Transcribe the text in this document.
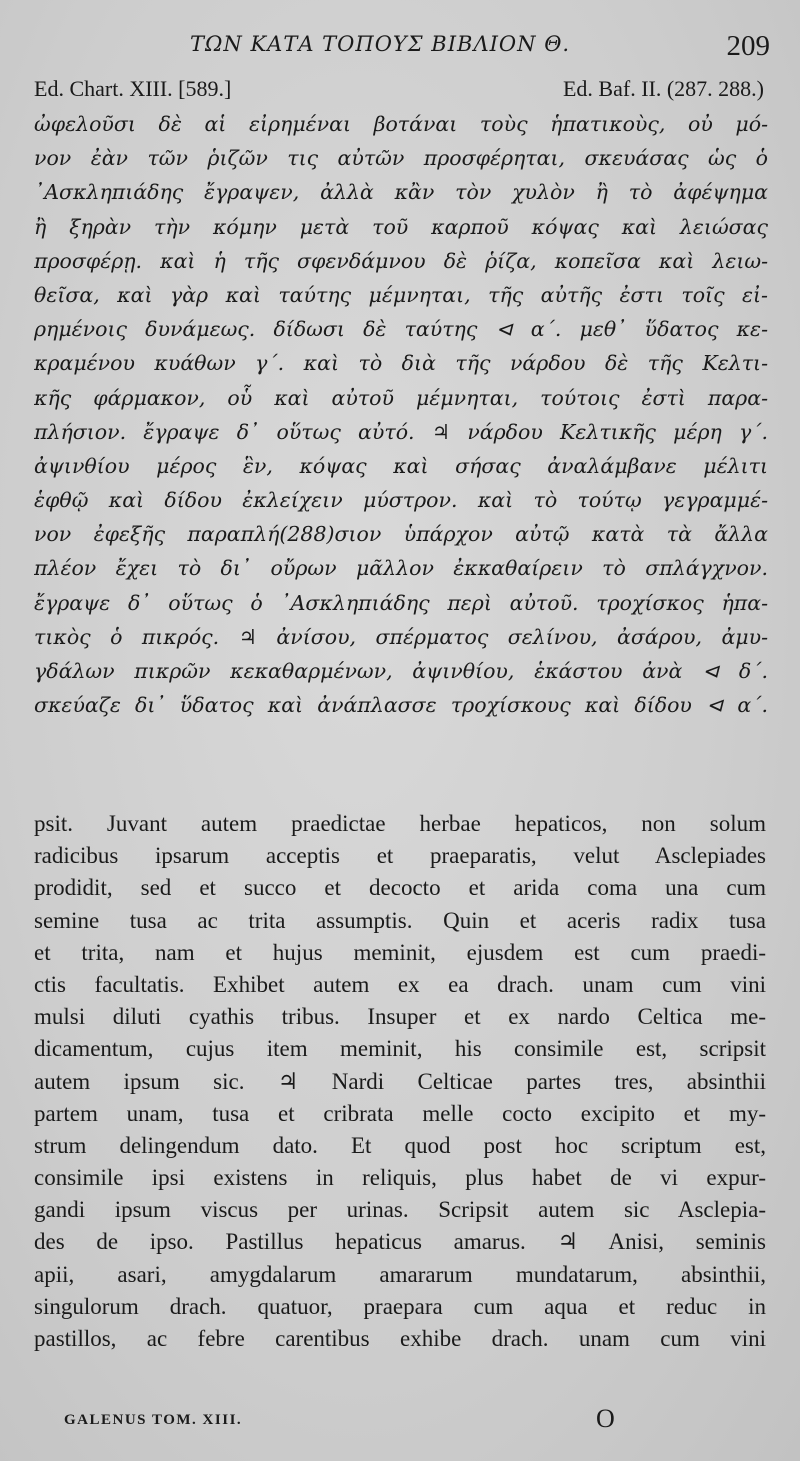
ΤΩΝ ΚΑΤΑ ΤΟΠΟΥΣ ΒΙΒΛΙΟΝ Θ.	209
Ed. Chart. XIII. [589.]	Ed. Baf. II. (287. 288.)
ὠφελοῦσι δὲ αἱ εἰρημέναι βοτάναι τοὺς ἡπατικοὺς, οὐ μό-
νον ἐὰν τῶν ῥιζῶν τις αὐτῶν προσφέρηται, σκευάσας ὡς ὁ
᾿Ασκληπιάδης ἔγραψεν, ἀλλὰ κἂν τὸν χυλὸν ἢ τὸ ἀφέψημα
ἢ ξηρὰν τὴν κόμην μετὰ τοῦ καρποῦ κόψας καὶ λειώσας
προσφέρῃ. καὶ ἡ τῆς σφενδάμνου δὲ ῥίζα, κοπεῖσα καὶ λειω-
θεῖσα, καὶ γὰρ καὶ ταύτης μέμνηται, τῆς αὐτῆς ἐστι τοῖς εἰ-
ρημένοις δυνάμεως. δίδωσι δὲ ταύτης ⊲ α΄. μεθ᾿ ὕδατος κε-
κραμένου κυάθων γ΄. καὶ τὸ διὰ τῆς νάρδου δὲ τῆς Κελτι-
κῆς φάρμακον, οὗ καὶ αὐτοῦ μέμνηται, τούτοις ἐστὶ παρα-
πλήσιον. ἔγραψε δ᾿ οὕτως αὐτό. ♃ νάρδου Κελτικῆς μέρη γ΄.
ἀψινθίου μέρος ἓν, κόψας καὶ σήσας ἀναλάμβανε μέλιτι
ἑφθῷ καὶ δίδου ἐκλείχειν μύστρον. καὶ τὸ τούτῳ γεγραμμέ-
νον ἐφεξῆς παραπλή(288)σιον ὑπάρχον αὐτῷ κατὰ τὰ ἄλλα
πλέον ἔχει τὸ δι᾿ οὔρων μᾶλλον ἐκκαθαίρειν τὸ σπλάγχνον.
ἔγραψε δ᾿ οὕτως ὁ ᾿Ασκληπιάδης περὶ αὐτοῦ. τροχίσκος ἡπα-
τικὸς ὁ πικρός. ♃ ἀνίσου, σπέρματος σελίνου, ἀσάρου, ἀμυ-
γδάλων πικρῶν κεκαθαρμένων, ἀψινθίου, ἑκάστου ἀνὰ ⊲ δ΄.
σκεύαζε δι᾿ ὕδατος καὶ ἀνάπλασσε τροχίσκους καὶ δίδου ⊲ α΄.
psit. Juvant autem praedictae herbae hepaticos, non solum
radicibus ipsarum acceptis et praeparatis, velut Asclepiades
prodidit, sed et succo et decocto et arida coma una cum
semine tusa ac trita assumptis. Quin et aceris radix tusa
et trita, nam et hujus meminit, ejusdem est cum praedi-
ctis facultatis. Exhibet autem ex ea drach. unam cum vini
mulsi diluti cyathis tribus. Insuper et ex nardo Celtica me-
dicamentum, cujus item meminit, his consimile est, scripsit
autem ipsum sic. ♃ Nardi Celticae partes tres, absinthii
partem unam, tusa et cribrata melle cocto excipito et my-
strum delingendum dato. Et quod post hoc scriptum est,
consimile ipsi existens in reliquis, plus habet de vi expur-
gandi ipsum viscus per urinas. Scripsit autem sic Asclepia-
des de ipso. Pastillus hepaticus amarus. ♃ Anisi, seminis
apii, asari, amygdalarum amararum mundatarum, absinthii,
singulorum drach. quatuor, praepara cum aqua et reduc in
pastillos, ac febre carentibus exhibe drach. unam cum vini
GALENUS TOM. XIII.	O
